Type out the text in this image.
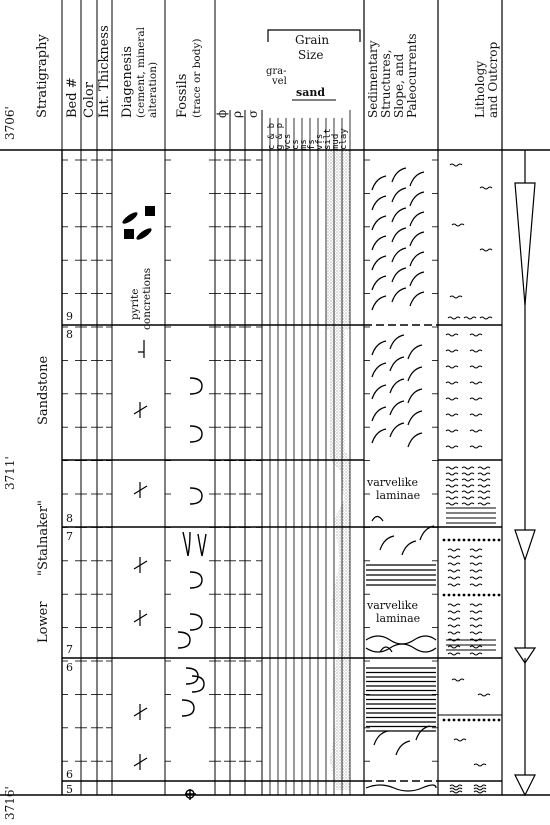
3706'
3711'
3716'
Stratigraphy Bed # Color Int. Thickness Diagenesis (cement, mineral alteration) Fossils (trace or body) ϕ ρ σ
Grain
Size
gra-
vel
sand
c & b
g & p
vcs
cs
ms
fs
vfs
silt
mud
clay
Sedimentary Structures, Slope, and Paleocurrents	Lithology and Outcrop
Sandstone
"Stalnaker"
Lower
9
8
8
7
7
6
6
5
pyrite concretions
varvelike
laminae
varvelike
laminae
